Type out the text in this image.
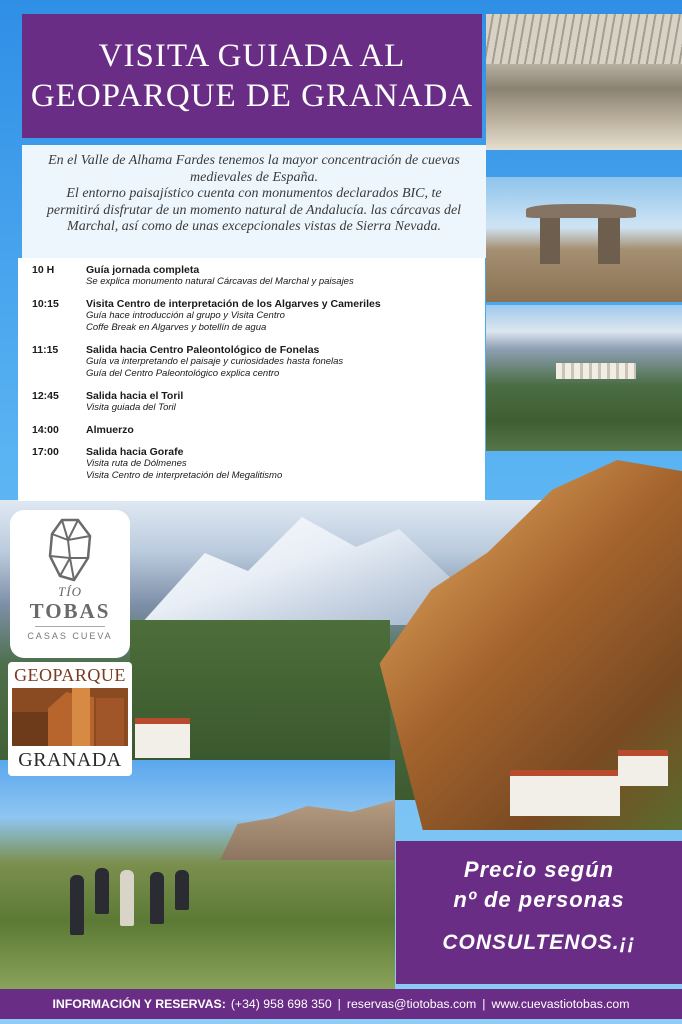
VISITA GUIADA AL
GEOPARQUE DE GRANADA

En el Valle de Alhama Fardes tenemos la mayor concentración de cuevas medievales de España.

El entorno paisajístico cuenta con monumentos declarados BIC, te permitirá disfrutar de un momento natural de Andalucía. las cárcavas del Marchal, así como de unas excepcionales vistas de Sierra Nevada.

10 H	Guía jornada completa
Se explica monumento natural Cárcavas del Marchal y paisajes
10:15	Visita Centro de interpretación de los Algarves y Cameriles
Guía hace introducción al grupo y Visita Centro
Coffe Break en Algarves y botellín de agua
11:15	Salida hacia Centro Paleontológico de Fonelas
Guía va interpretando el paisaje y curiosidades hasta fonelas
Guía del Centro Paleontológico explica centro
12:45	Salida hacia el Toril
Visita guiada del Toril
14:00	Almuerzo
17:00	Salida hacia Gorafe
Visita ruta de Dólmenes
Visita Centro de interpretación del Megalitismo
TÍO
TOBAS
CASAS CUEVA
GEOPARQUE
GRANADA
Precio según
nº de personas
CONSULTENOS.¡¡
INFORMACIÓN Y RESERVAS: (+34) 958 698 350 | reservas@tiotobas.com | www.cuevastiotobas.com
